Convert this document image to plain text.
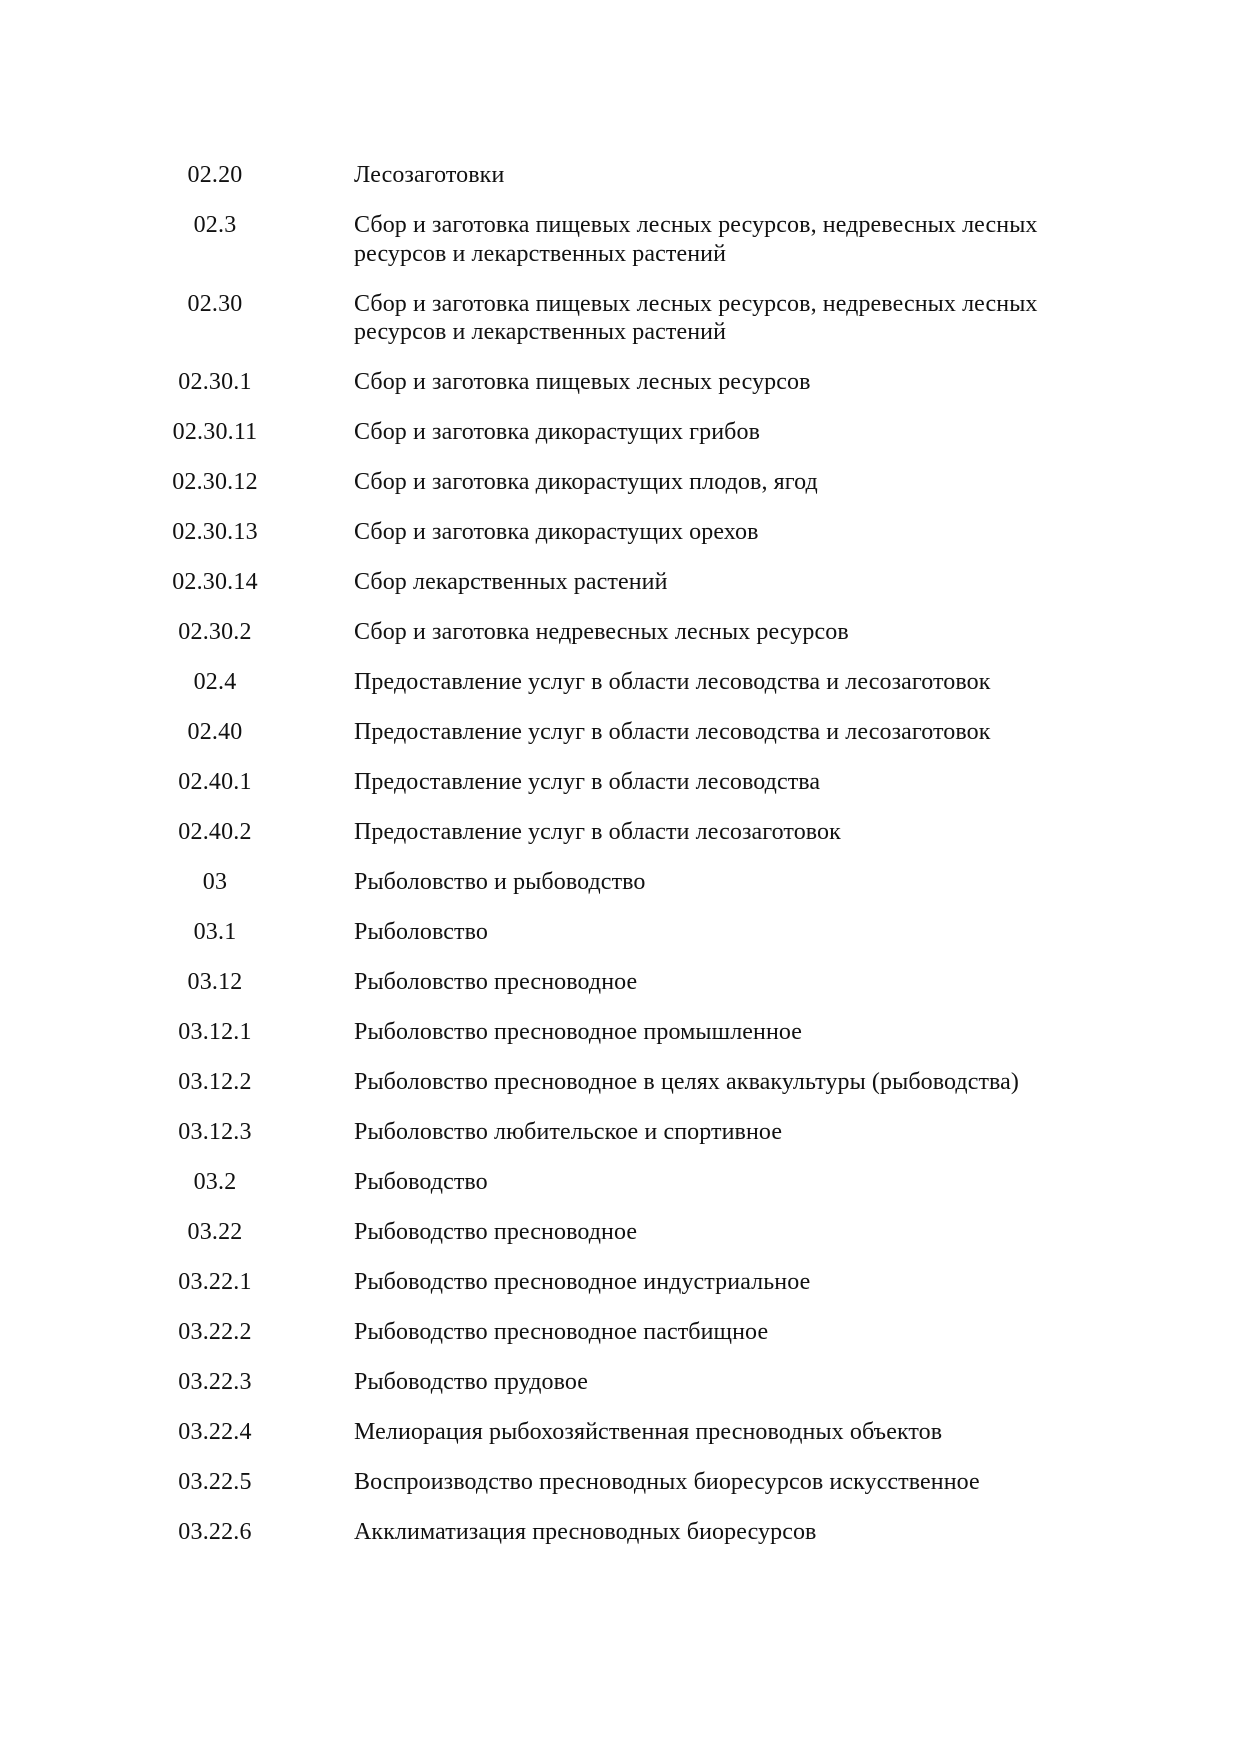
02.20	Лесозаготовки
02.3	Сбор и заготовка пищевых лесных ресурсов, недревесных лесных ресурсов и лекарственных растений
02.30	Сбор и заготовка пищевых лесных ресурсов, недревесных лесных ресурсов и лекарственных растений
02.30.1	Сбор и заготовка пищевых лесных ресурсов
02.30.11	Сбор и заготовка дикорастущих грибов
02.30.12	Сбор и заготовка дикорастущих плодов, ягод
02.30.13	Сбор и заготовка дикорастущих орехов
02.30.14	Сбор лекарственных растений
02.30.2	Сбор и заготовка недревесных лесных ресурсов
02.4	Предоставление услуг в области лесоводства и лесозаготовок
02.40	Предоставление услуг в области лесоводства и лесозаготовок
02.40.1	Предоставление услуг в области лесоводства
02.40.2	Предоставление услуг в области лесозаготовок
03	Рыболовство и рыбоводство
03.1	Рыболовство
03.12	Рыболовство пресноводное
03.12.1	Рыболовство пресноводное промышленное
03.12.2	Рыболовство пресноводное в целях аквакультуры (рыбоводства)
03.12.3	Рыболовство любительское и спортивное
03.2	Рыбоводство
03.22	Рыбоводство пресноводное
03.22.1	Рыбоводство пресноводное индустриальное
03.22.2	Рыбоводство пресноводное пастбищное
03.22.3	Рыбоводство прудовое
03.22.4	Мелиорация рыбохозяйственная пресноводных объектов
03.22.5	Воспроизводство пресноводных биоресурсов искусственное
03.22.6	Акклиматизация пресноводных биоресурсов
